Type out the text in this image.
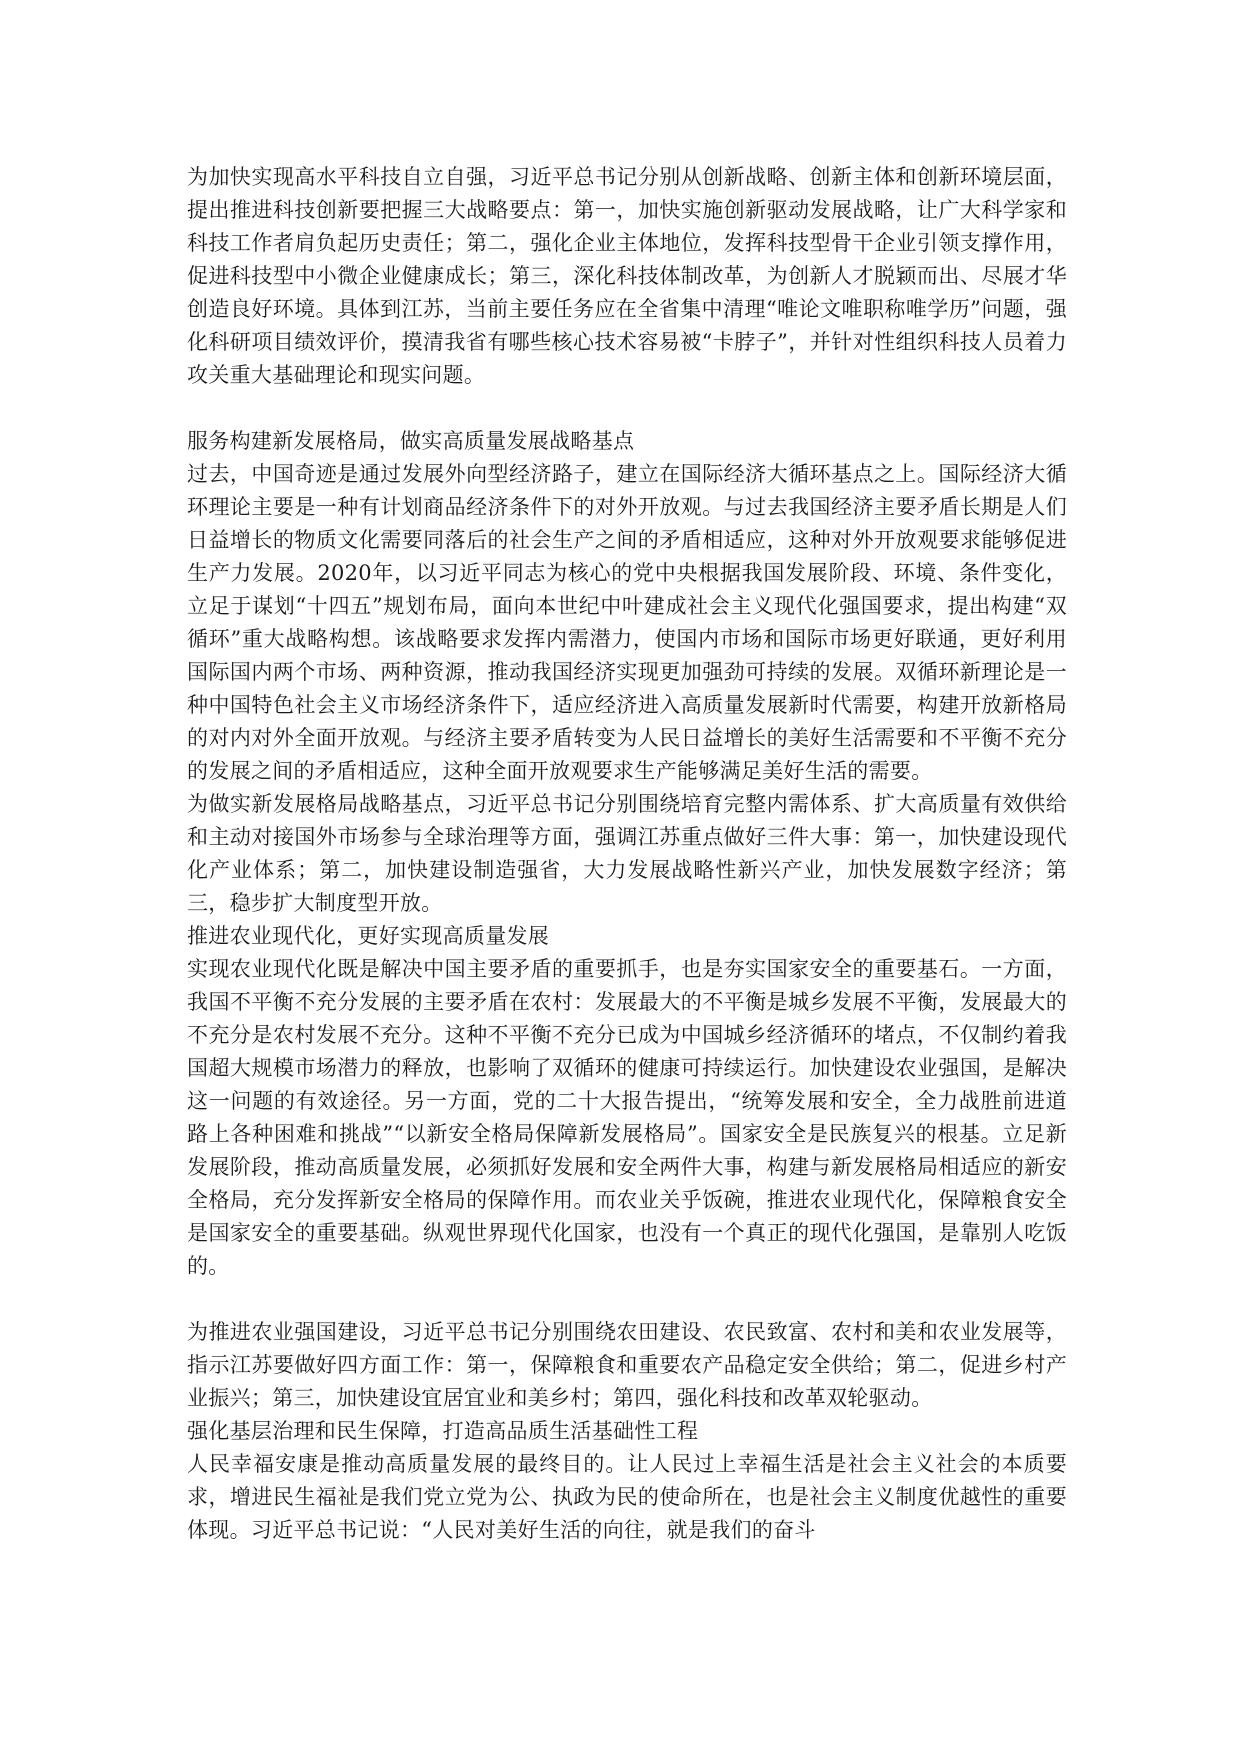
为加快实现高水平科技自立自强，习近平总书记分别从创新战略、创新主体和创新环境层面，提出推进科技创新要把握三大战略要点：第一，加快实施创新驱动发展战略，让广大科学家和科技工作者肩负起历史责任；第二，强化企业主体地位，发挥科技型骨干企业引领支撑作用，促进科技型中小微企业健康成长；第三，深化科技体制改革，为创新人才脱颖而出、尽展才华创造良好环境。具体到江苏，当前主要任务应在全省集中清理“唯论文唯职称唯学历”问题，强化科研项目绩效评价，摸清我省有哪些核心技术容易被“卡脖子”，并针对性组织科技人员着力攻关重大基础理论和现实问题。

服务构建新发展格局，做实高质量发展战略基点

过去，中国奇迹是通过发展外向型经济路子，建立在国际经济大循环基点之上。国际经济大循环理论主要是一种有计划商品经济条件下的对外开放观。与过去我国经济主要矛盾长期是人们日益增长的物质文化需要同落后的社会生产之间的矛盾相适应，这种对外开放观要求能够促进生产力发展。2020年，以习近平同志为核心的党中央根据我国发展阶段、环境、条件变化，立足于谋划“十四五”规划布局，面向本世纪中叶建成社会主义现代化强国要求，提出构建“双循环”重大战略构想。该战略要求发挥内需潜力，使国内市场和国际市场更好联通，更好利用国际国内两个市场、两种资源，推动我国经济实现更加强劲可持续的发展。双循环新理论是一种中国特色社会主义市场经济条件下，适应经济进入高质量发展新时代需要，构建开放新格局的对内对外全面开放观。与经济主要矛盾转变为人民日益增长的美好生活需要和不平衡不充分的发展之间的矛盾相适应，这种全面开放观要求生产能够满足美好生活的需要。

为做实新发展格局战略基点，习近平总书记分别围绕培育完整内需体系、扩大高质量有效供给和主动对接国外市场参与全球治理等方面，强调江苏重点做好三件大事：第一，加快建设现代化产业体系；第二，加快建设制造强省，大力发展战略性新兴产业，加快发展数字经济；第三，稳步扩大制度型开放。

推进农业现代化，更好实现高质量发展

实现农业现代化既是解决中国主要矛盾的重要抓手，也是夯实国家安全的重要基石。一方面，我国不平衡不充分发展的主要矛盾在农村：发展最大的不平衡是城乡发展不平衡，发展最大的不充分是农村发展不充分。这种不平衡不充分已成为中国城乡经济循环的堵点，不仅制约着我国超大规模市场潜力的释放，也影响了双循环的健康可持续运行。加快建设农业强国，是解决这一问题的有效途径。另一方面，党的二十大报告提出，“统筹发展和安全，全力战胜前进道路上各种困难和挑战”“以新安全格局保障新发展格局”。国家安全是民族复兴的根基。立足新发展阶段，推动高质量发展，必须抓好发展和安全两件大事，构建与新发展格局相适应的新安全格局，充分发挥新安全格局的保障作用。而农业关乎饭碗，推进农业现代化，保障粮食安全是国家安全的重要基础。纵观世界现代化国家，也没有一个真正的现代化强国，是靠别人吃饭的。

为推进农业强国建设，习近平总书记分别围绕农田建设、农民致富、农村和美和农业发展等，指示江苏要做好四方面工作：第一，保障粮食和重要农产品稳定安全供给；第二，促进乡村产业振兴；第三，加快建设宜居宜业和美乡村；第四，强化科技和改革双轮驱动。

强化基层治理和民生保障，打造高品质生活基础性工程

人民幸福安康是推动高质量发展的最终目的。让人民过上幸福生活是社会主义社会的本质要求，增进民生福祉是我们党立党为公、执政为民的使命所在，也是社会主义制度优越性的重要体现。习近平总书记说：“人民对美好生活的向往，就是我们的奋斗
